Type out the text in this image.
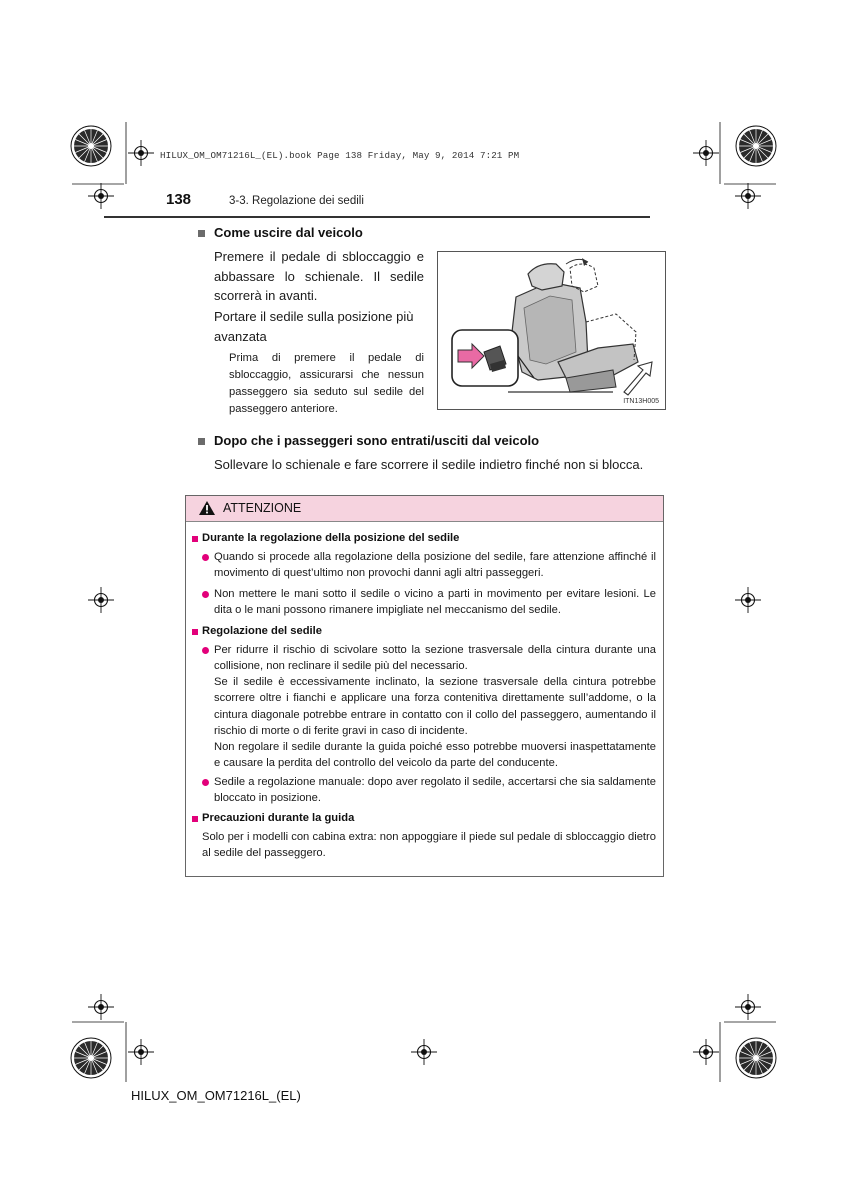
HILUX_OM_OM71216L_(EL).book Page 138 Friday, May 9, 2014 7:21 PM
138	3-3. Regolazione dei sedili
Come uscire dal veicolo
Premere il pedale di sbloccaggio e abbassare lo schienale. Il sedile scorrerà in avanti.
Portare il sedile sulla posizione più avanzata
Prima di premere il pedale di sbloccaggio, assicurarsi che nessun passeggero sia seduto sul sedile del passeggero anteriore.
ITN13H005
Dopo che i passeggeri sono entrati/usciti dal veicolo
Sollevare lo schienale e fare scorrere il sedile indietro finché non si blocca.
ATTENZIONE
Durante la regolazione della posizione del sedile
Quando si procede alla regolazione della posizione del sedile, fare attenzione affinché il movimento di quest’ultimo non provochi danni agli altri passeggeri.
Non mettere le mani sotto il sedile o vicino a parti in movimento per evitare lesioni. Le dita o le mani possono rimanere impigliate nel meccanismo del sedile.
Regolazione del sedile
Per ridurre il rischio di scivolare sotto la sezione trasversale della cintura durante una collisione, non reclinare il sedile più del necessario.
Se il sedile è eccessivamente inclinato, la sezione trasversale della cintura potrebbe scorrere oltre i fianchi e applicare una forza contenitiva direttamente sull’addome, o la cintura diagonale potrebbe entrare in contatto con il collo del passeggero, aumentando il rischio di morte o di ferite gravi in caso di incidente.
Non regolare il sedile durante la guida poiché esso potrebbe muoversi inaspettatamente e causare la perdita del controllo del veicolo da parte del conducente.
Sedile a regolazione manuale: dopo aver regolato il sedile, accertarsi che sia saldamente bloccato in posizione.
Precauzioni durante la guida
Solo per i modelli con cabina extra: non appoggiare il piede sul pedale di sbloccaggio dietro al sedile del passeggero.
HILUX_OM_OM71216L_(EL)
